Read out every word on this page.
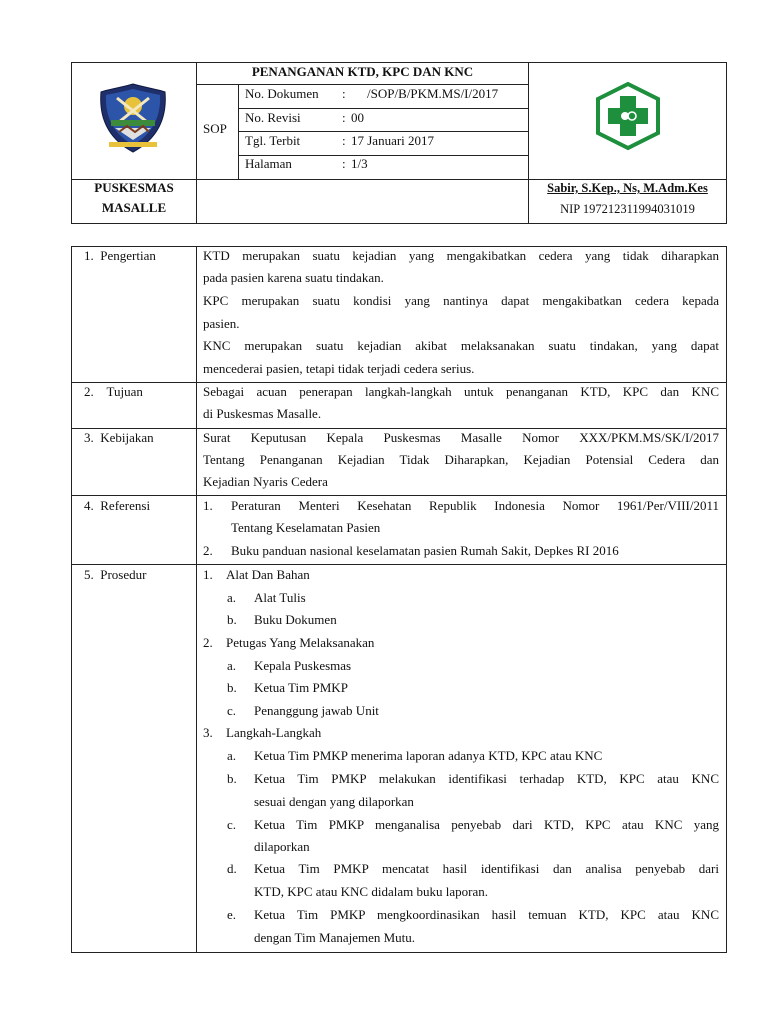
PENANGANAN KTD, KPC DAN KNC
SOP
No. Dokumen : /SOP/B/PKM.MS/I/2017
No. Revisi	: 00
Tgl. Terbit	: 17 Januari 2017
Halaman	: 1/3
PUSKESMAS
MASALLE
Sabir, S.Kep., Ns, M.Adm.Kes
NIP 197212311994031019
1.  Pengertian	KTD merupakan suatu kejadian yang mengakibatkan cedera yang tidak diharapkan
pada pasien karena suatu tindakan.
KPC merupakan suatu kondisi yang nantinya dapat mengakibatkan cedera kepada
pasien.
KNC merupakan suatu kejadian akibat melaksanakan suatu tindakan, yang dapat
mencederai pasien, tetapi tidak terjadi cedera serius.
2.    Tujuan	Sebagai acuan penerapan langkah-langkah untuk penanganan KTD, KPC dan KNC
di Puskesmas Masalle.
3.  Kebijakan	Surat Keputusan Kepala Puskesmas Masalle Nomor XXX/PKM.MS/SK/I/2017
Tentang Penanganan Kejadian Tidak Diharapkan, Kejadian Potensial Cedera dan
Kejadian Nyaris Cedera
4.  Referensi	1. Peraturan Menteri Kesehatan Republik Indonesia Nomor 1961/Per/VIII/2011
Tentang Keselamatan Pasien
2. Buku panduan nasional keselamatan pasien Rumah Sakit, Depkes RI 2016
5.  Prosedur	1. Alat Dan Bahan
a. Alat Tulis
b. Buku Dokumen
2. Petugas Yang Melaksanakan
a. Kepala Puskesmas
b. Ketua Tim PMKP
c. Penanggung jawab Unit
3. Langkah-Langkah
a. Ketua Tim PMKP menerima laporan adanya KTD, KPC atau KNC
b. Ketua Tim PMKP melakukan identifikasi terhadap KTD, KPC atau KNC
sesuai dengan yang dilaporkan
c. Ketua Tim PMKP menganalisa penyebab dari KTD, KPC atau KNC yang
dilaporkan
d. Ketua Tim PMKP mencatat hasil identifikasi dan analisa penyebab dari
KTD, KPC atau KNC didalam buku laporan.
e. Ketua Tim PMKP mengkoordinasikan hasil temuan KTD, KPC atau KNC
dengan Tim Manajemen Mutu.
